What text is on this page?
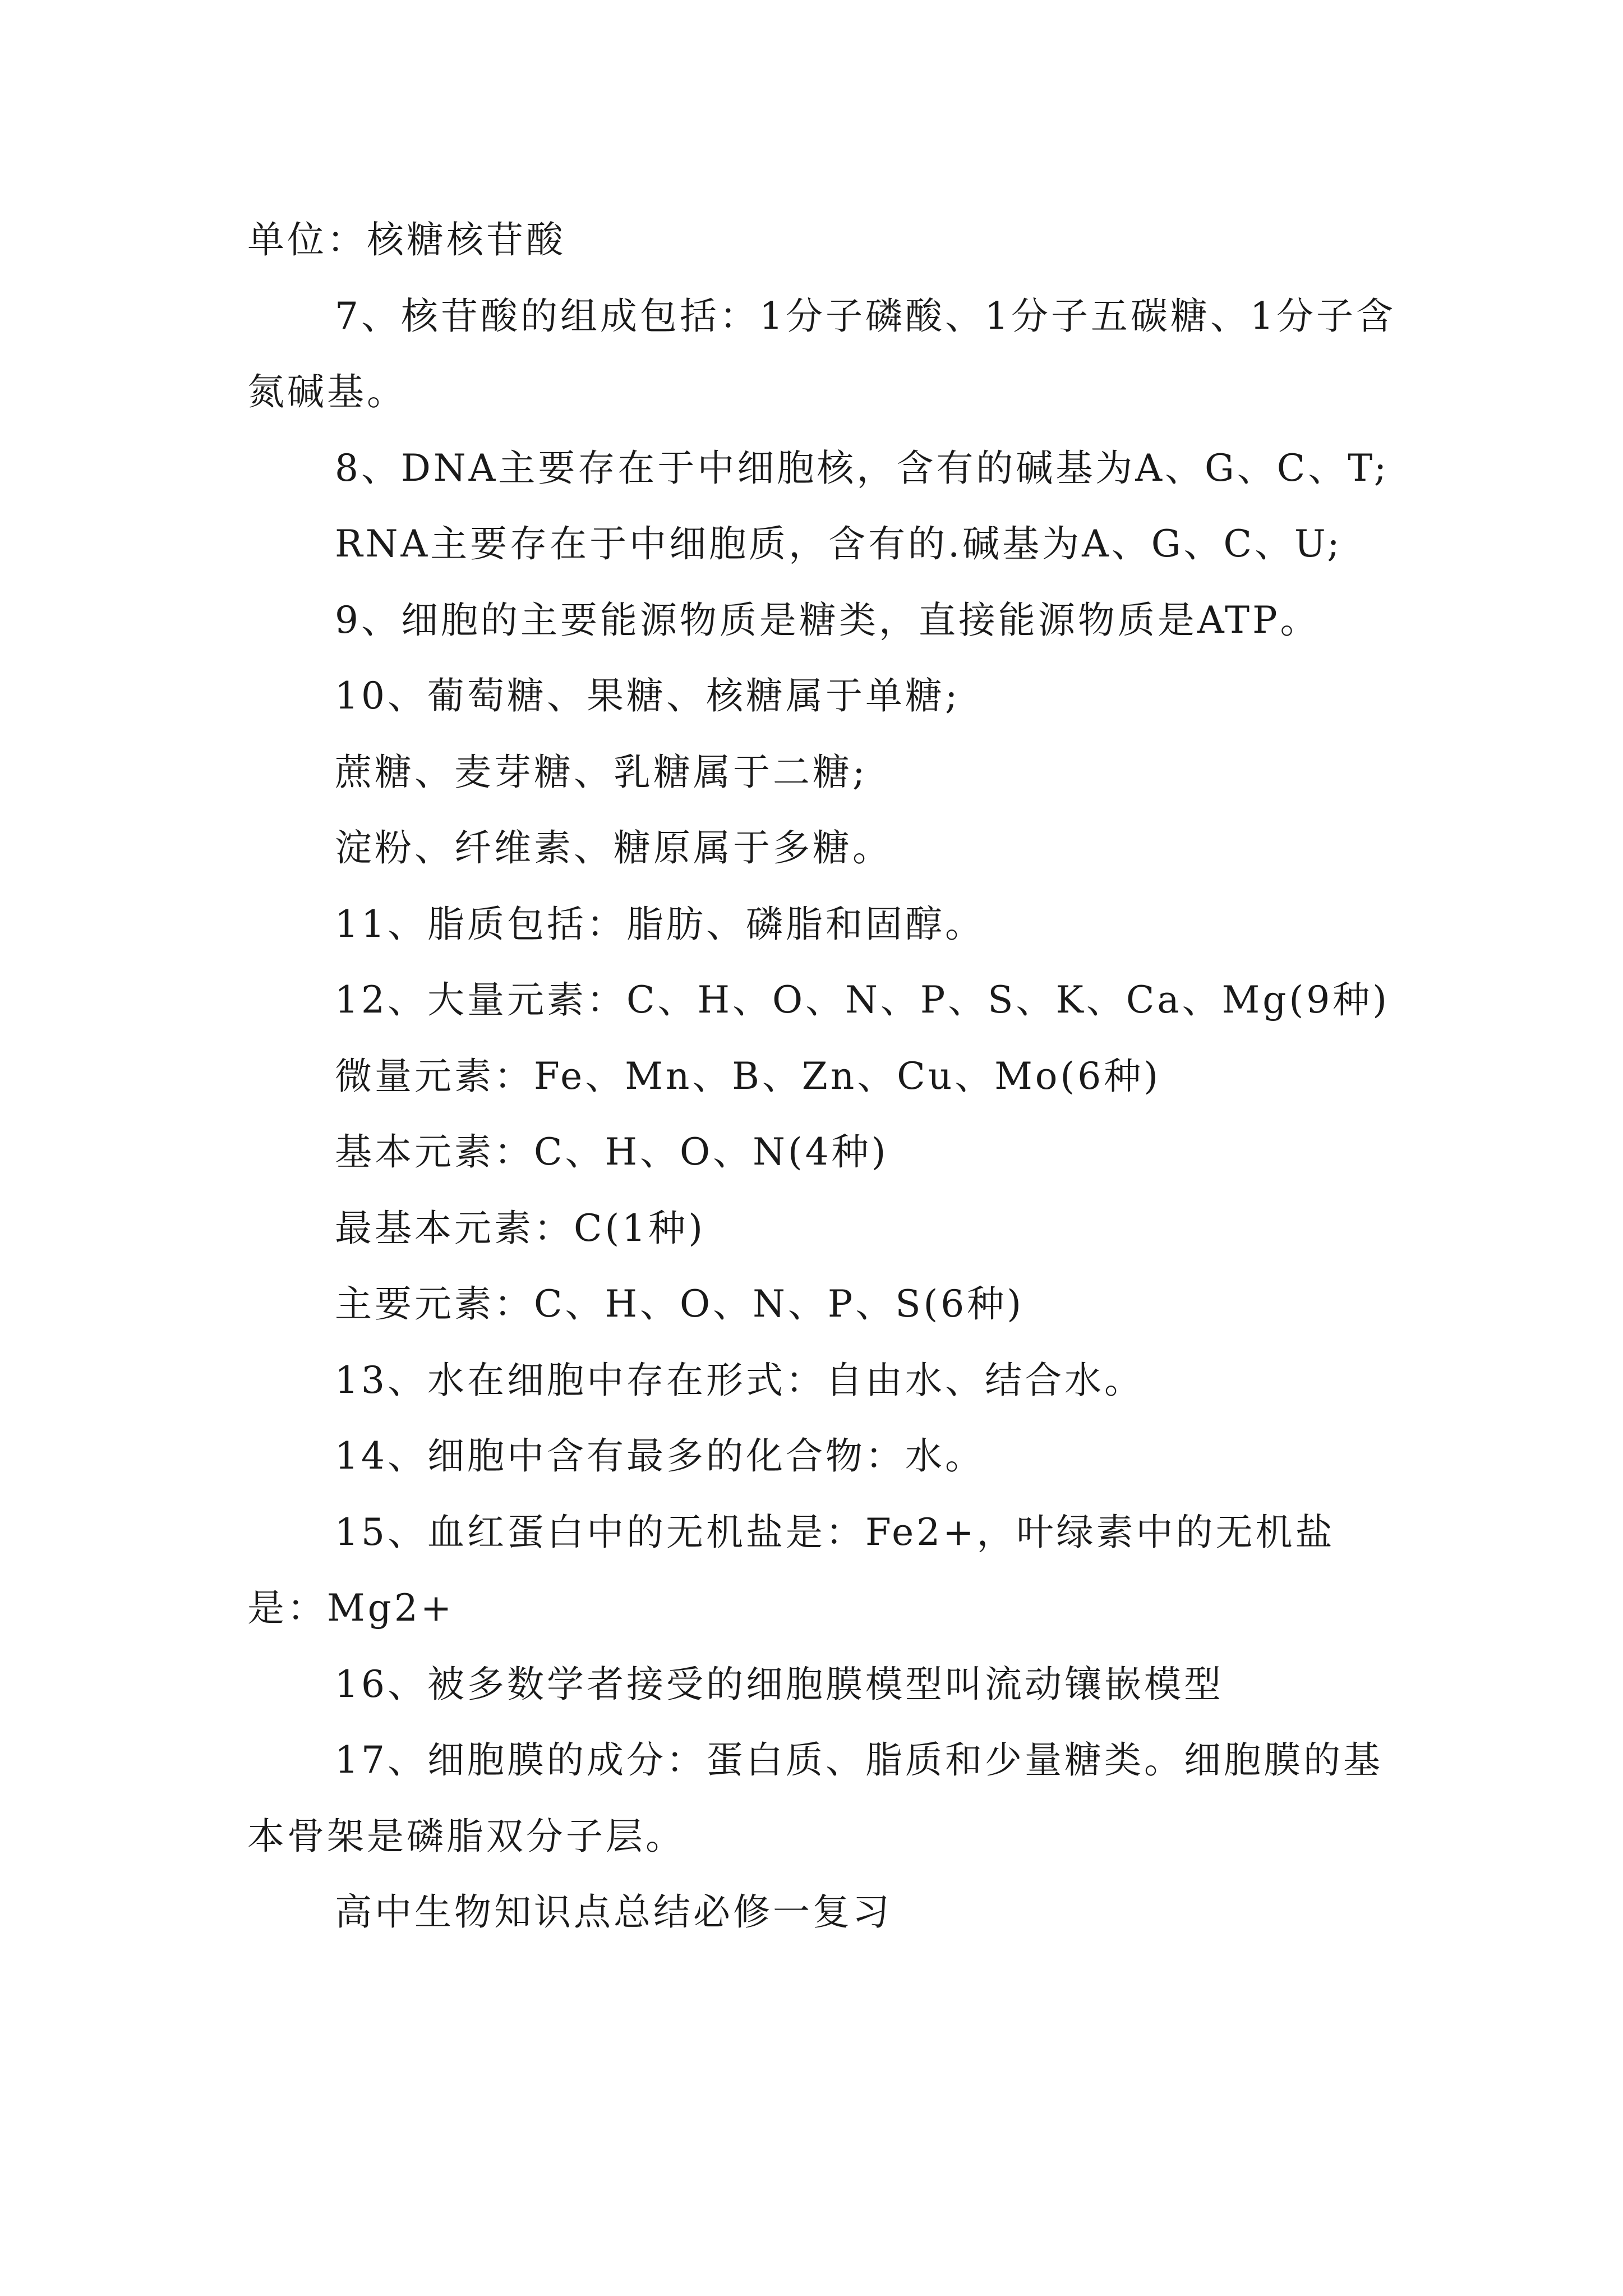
单位：核糖核苷酸

7、核苷酸的组成包括：1分子磷酸、1分子五碳糖、1分子含氮碱基。

8、DNA主要存在于中细胞核，含有的碱基为A、G、C、T;

RNA主要存在于中细胞质，含有的.碱基为A、G、C、U;

9、细胞的主要能源物质是糖类，直接能源物质是ATP。

10、葡萄糖、果糖、核糖属于单糖;

蔗糖、麦芽糖、乳糖属于二糖;

淀粉、纤维素、糖原属于多糖。

11、脂质包括：脂肪、磷脂和固醇。

12、大量元素：C、H、O、N、P、S、K、Ca、Mg(9种)

微量元素：Fe、Mn、B、Zn、Cu、Mo(6种)

基本元素：C、H、O、N(4种)

最基本元素：C(1种)

主要元素：C、H、O、N、P、S(6种)

13、水在细胞中存在形式：自由水、结合水。

14、细胞中含有最多的化合物：水。

15、血红蛋白中的无机盐是：Fe2+，叶绿素中的无机盐是：Mg2+

16、被多数学者接受的细胞膜模型叫流动镶嵌模型

17、细胞膜的成分：蛋白质、脂质和少量糖类。细胞膜的基本骨架是磷脂双分子层。

高中生物知识点总结必修一复习
